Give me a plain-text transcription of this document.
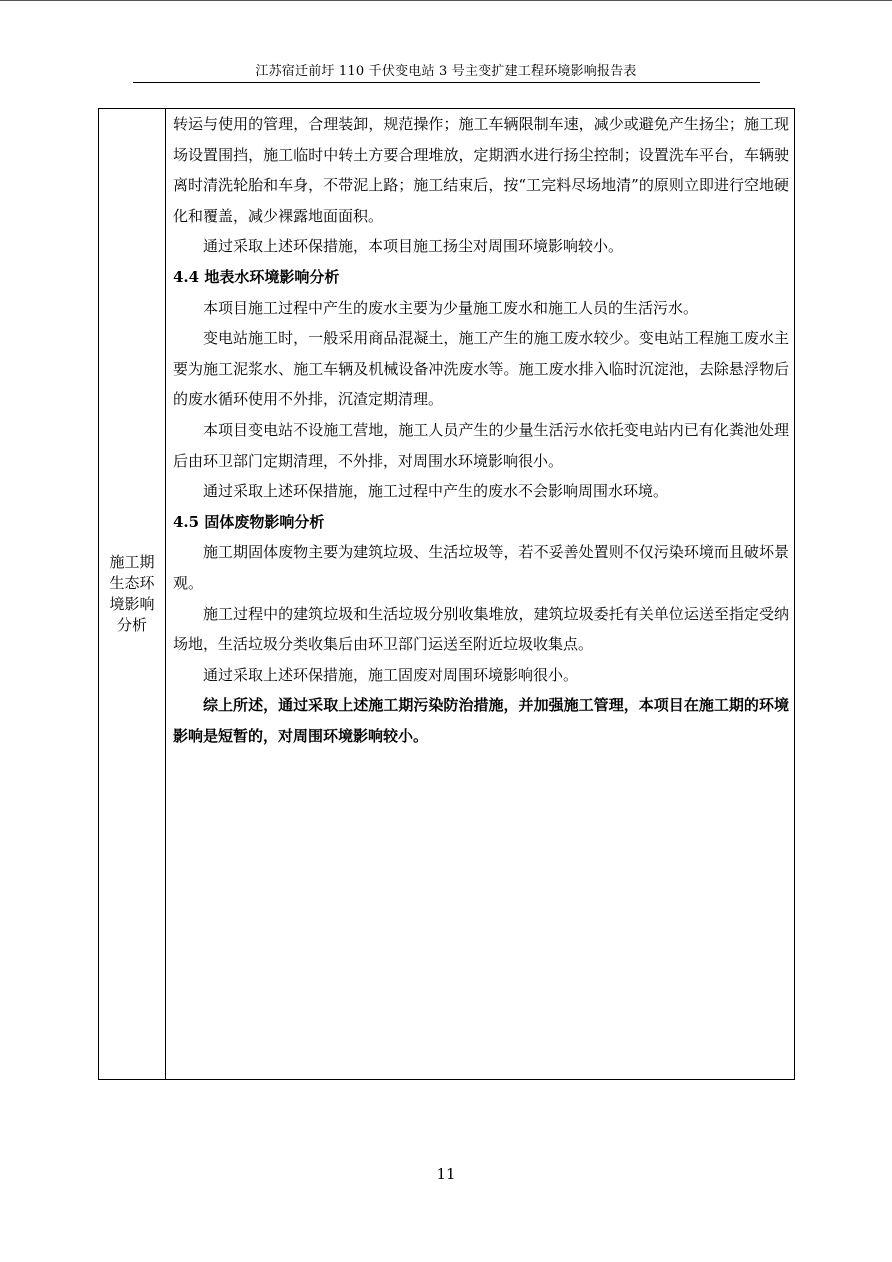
江苏宿迁前圩 110 千伏变电站 3 号主变扩建工程环境影响报告表
施工期生态环境影响分析

转运与使用的管理，合理装卸，规范操作；施工车辆限制车速，减少或避免产生扬尘；施工现场设置围挡，施工临时中转土方要合理堆放，定期洒水进行扬尘控制；设置洗车平台，车辆驶离时清洗轮胎和车身，不带泥上路；施工结束后，按“工完料尽场地清”的原则立即进行空地硬化和覆盖，减少裸露地面面积。

通过采取上述环保措施，本项目施工扬尘对周围环境影响较小。

4.4 地表水环境影响分析

本项目施工过程中产生的废水主要为少量施工废水和施工人员的生活污水。

变电站施工时，一般采用商品混凝土，施工产生的施工废水较少。变电站工程施工废水主要为施工泥浆水、施工车辆及机械设备冲洗废水等。施工废水排入临时沉淀池，去除悬浮物后的废水循环使用不外排，沉渣定期清理。

本项目变电站不设施工营地，施工人员产生的少量生活污水依托变电站内已有化粪池处理后由环卫部门定期清理，不外排，对周围水环境影响很小。

通过采取上述环保措施，施工过程中产生的废水不会影响周围水环境。

4.5 固体废物影响分析

施工期固体废物主要为建筑垃圾、生活垃圾等，若不妥善处置则不仅污染环境而且破坏景观。

施工过程中的建筑垃圾和生活垃圾分别收集堆放，建筑垃圾委托有关单位运送至指定受纳场地，生活垃圾分类收集后由环卫部门运送至附近垃圾收集点。

通过采取上述环保措施，施工固废对周围环境影响很小。

综上所述，通过采取上述施工期污染防治措施，并加强施工管理，本项目在施工期的环境影响是短暂的，对周围环境影响较小。

11
